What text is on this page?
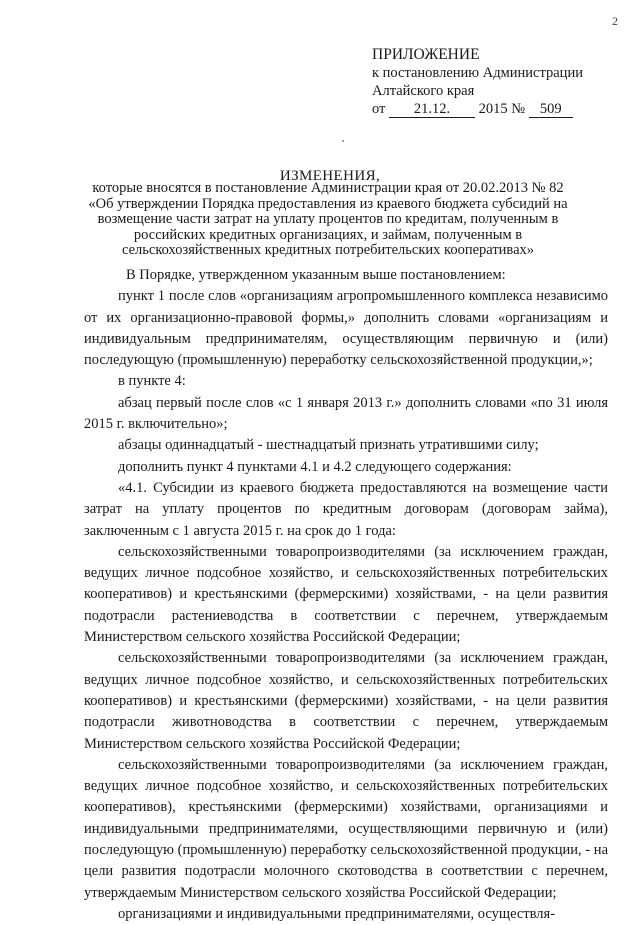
2
ПРИЛОЖЕНИЕ
к постановлению Администрации
Алтайского края
от 21.12. 2015 № 509
ИЗМЕНЕНИЯ,
которые вносятся в постановление Администрации края от 20.02.2013 № 82 «Об утверждении Порядка предоставления из краевого бюджета субсидий на возмещение части затрат на уплату процентов по кредитам, полученным в российских кредитных организациях, и займам, полученным в сельскохозяйственных кредитных потребительских кооперативах»

В Порядке, утвержденном указанным выше постановлением:

пункт 1 после слов «организациям агропромышленного комплекса независимо от их организационно-правовой формы,» дополнить словами «организациям и индивидуальным предпринимателям, осуществляющим первичную и (или) последующую (промышленную) переработку сельскохозяйственной продукции,»;

в пункте 4:

абзац первый после слов «с 1 января 2013 г.» дополнить словами «по 31 июля 2015 г. включительно»;

абзацы одиннадцатый - шестнадцатый признать утратившими силу;

дополнить пункт 4 пунктами 4.1 и 4.2 следующего содержания:

«4.1. Субсидии из краевого бюджета предоставляются на возмещение части затрат на уплату процентов по кредитным договорам (договорам займа), заключенным с 1 августа 2015 г. на срок до 1 года:

сельскохозяйственными товаропроизводителями (за исключением граждан, ведущих личное подсобное хозяйство, и сельскохозяйственных потребительских кооперативов) и крестьянскими (фермерскими) хозяйствами, - на цели развития подотрасли растениеводства в соответствии с перечнем, утверждаемым Министерством сельского хозяйства Российской Федерации;

сельскохозяйственными товаропроизводителями (за исключением граждан, ведущих личное подсобное хозяйство, и сельскохозяйственных потребительских кооперативов) и крестьянскими (фермерскими) хозяйствами, - на цели развития подотрасли животноводства в соответствии с перечнем, утверждаемым Министерством сельского хозяйства Российской Федерации;

сельскохозяйственными товаропроизводителями (за исключением граждан, ведущих личное подсобное хозяйство, и сельскохозяйственных потребительских кооперативов), крестьянскими (фермерскими) хозяйствами, организациями и индивидуальными предпринимателями, осуществляющими первичную и (или) последующую (промышленную) переработку сельскохозяйственной продукции, - на цели развития подотрасли молочного скотоводства в соответствии с перечнем, утверждаемым Министерством сельского хозяйства Российской Федерации;

организациями и индивидуальными предпринимателями, осуществля-
